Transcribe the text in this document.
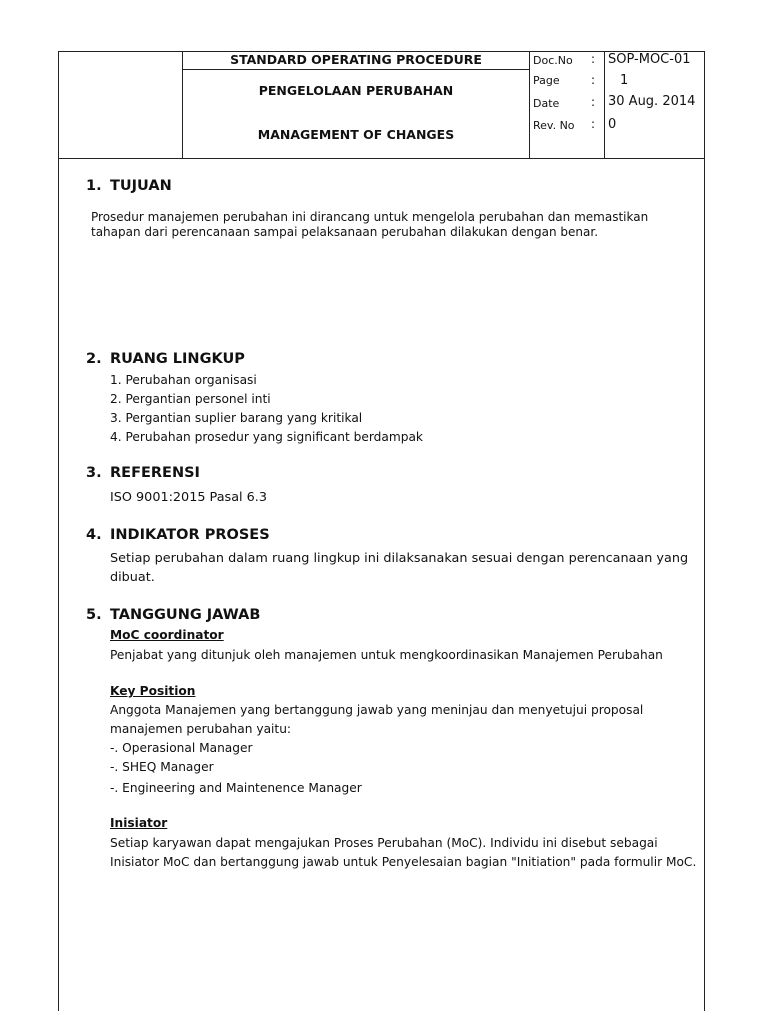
STANDARD OPERATING PROCEDURE
PENGELOLAAN PERUBAHAN
MANAGEMENT OF CHANGES
Doc.No : SOP-MOC-01
Page	: 1
Date	: 30 Aug. 2014
Rev. No : 0
1. TUJUAN
Prosedur manajemen perubahan ini dirancang untuk mengelola perubahan dan memastikan
tahapan dari perencanaan sampai pelaksanaan perubahan dilakukan dengan benar.
2. RUANG LINGKUP
1. Perubahan organisasi
2. Pergantian personel inti
3. Pergantian suplier barang yang kritikal
4. Perubahan prosedur yang significant berdampak
3. REFERENSI
ISO 9001:2015 Pasal 6.3
4. INDIKATOR PROSES
Setiap perubahan dalam ruang lingkup ini dilaksanakan sesuai dengan perencanaan yang
dibuat.
5. TANGGUNG JAWAB
MoC coordinator
Penjabat yang ditunjuk oleh manajemen untuk mengkoordinasikan Manajemen Perubahan
Key Position
Anggota Manajemen yang bertanggung jawab yang meninjau dan menyetujui proposal
manajemen perubahan yaitu:
-. Operasional Manager
-. SHEQ Manager
-. Engineering and Maintenence Manager
Inisiator
Setiap karyawan dapat mengajukan Proses Perubahan (MoC). Individu ini disebut sebagai
Inisiator MoC dan bertanggung jawab untuk Penyelesaian bagian "Initiation" pada formulir MoC.
